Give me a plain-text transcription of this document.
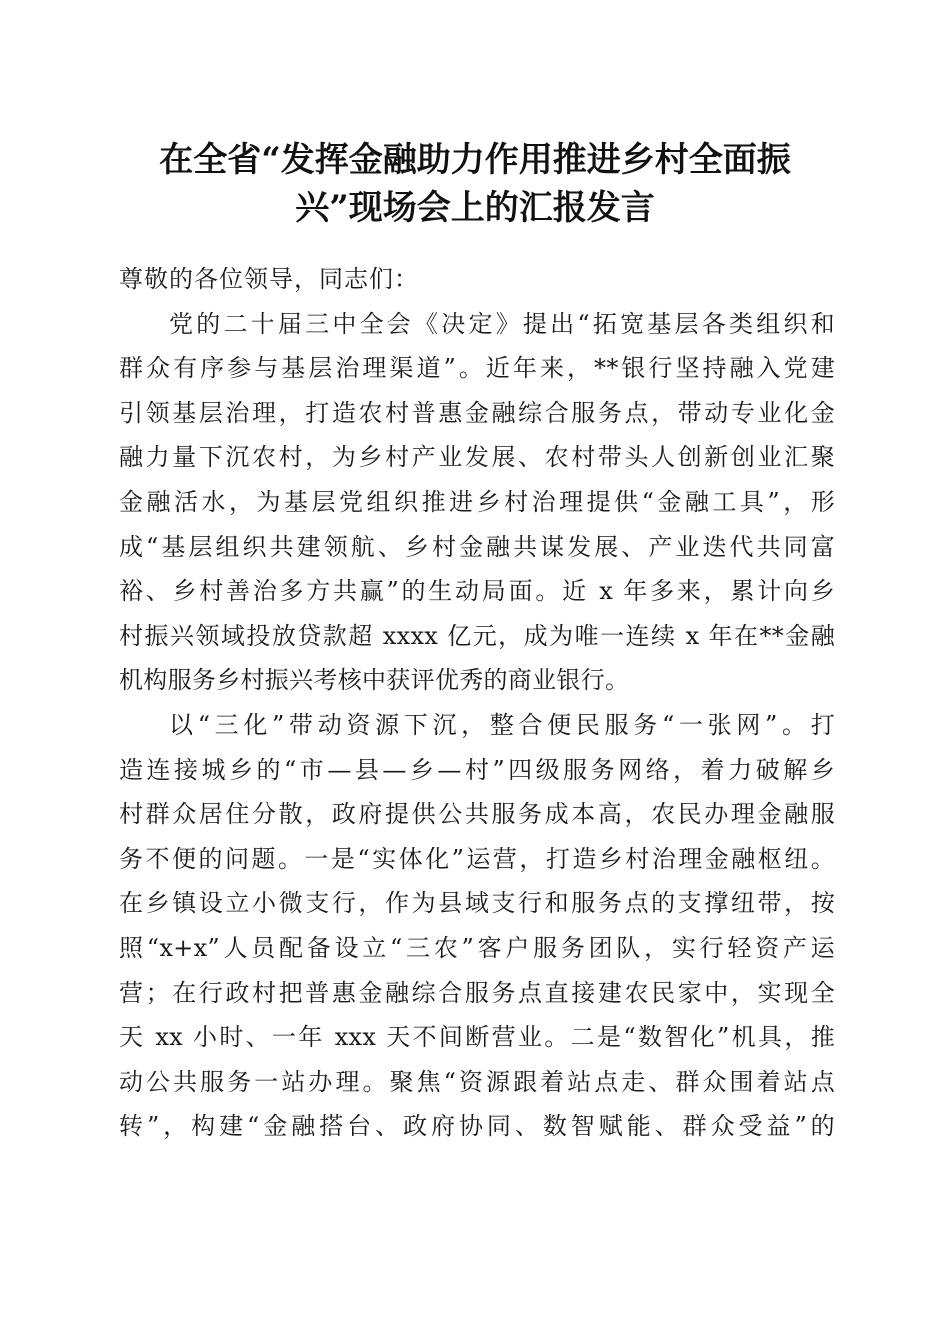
在全省“发挥金融助力作用推进乡村全面振
兴”现场会上的汇报发言
尊敬的各位领导，同志们：
党的二十届三中全会《决定》提出“拓宽基层各类组织和
群众有序参与基层治理渠道”。近年来，**银行坚持融入党建
引领基层治理，打造农村普惠金融综合服务点，带动专业化金
融力量下沉农村，为乡村产业发展、农村带头人创新创业汇聚
金融活水，为基层党组织推进乡村治理提供“金融工具”，形
成“基层组织共建领航、乡村金融共谋发展、产业迭代共同富
裕、乡村善治多方共赢”的生动局面。近 x 年多来，累计向乡
村振兴领域投放贷款超 xxxx 亿元，成为唯一连续 x 年在**金融
机构服务乡村振兴考核中获评优秀的商业银行。
以“三化”带动资源下沉，整合便民服务“一张网”。打
造连接城乡的“市—县—乡—村”四级服务网络，着力破解乡
村群众居住分散，政府提供公共服务成本高，农民办理金融服
务不便的问题。一是“实体化”运营，打造乡村治理金融枢纽。
在乡镇设立小微支行，作为县域支行和服务点的支撑纽带，按
照“x+x”人员配备设立“三农”客户服务团队，实行轻资产运
营；在行政村把普惠金融综合服务点直接建农民家中，实现全
天 xx 小时、一年 xxx 天不间断营业。二是“数智化”机具，推
动公共服务一站办理。聚焦“资源跟着站点走、群众围着站点
转”，构建“金融搭台、政府协同、数智赋能、群众受益”的
